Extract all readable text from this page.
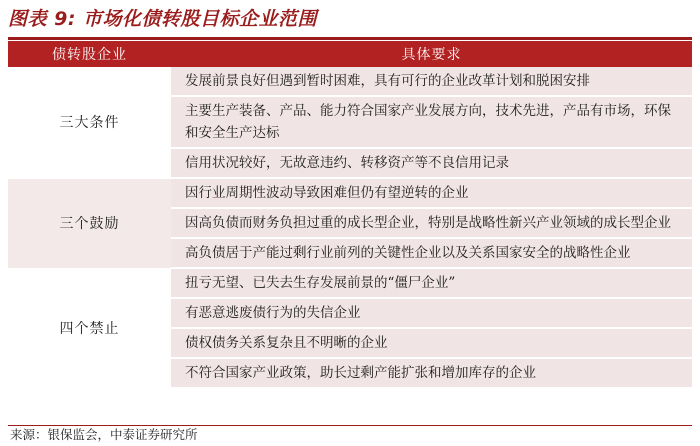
图表 9: 市场化债转股目标企业范围
债转股企业	具体要求
三大条件	发展前景良好但遇到暂时困难，具有可行的企业改革计划和脱困安排
	主要生产装备、产品、能力符合国家产业发展方向，技术先进，产品有市场，环保和安全生产达标
	信用状况较好，无故意违约、转移资产等不良信用记录
三个鼓励	因行业周期性波动导致困难但仍有望逆转的企业
	因高负债而财务负担过重的成长型企业，特别是战略性新兴产业领域的成长型企业
	高负债居于产能过剩行业前列的关键性企业以及关系国家安全的战略性企业
四个禁止	扭亏无望、已失去生存发展前景的“僵尸企业”
	有恶意逃废债行为的失信企业
	债权债务关系复杂且不明晰的企业
	不符合国家产业政策，助长过剩产能扩张和增加库存的企业
来源：银保监会，中泰证券研究所
